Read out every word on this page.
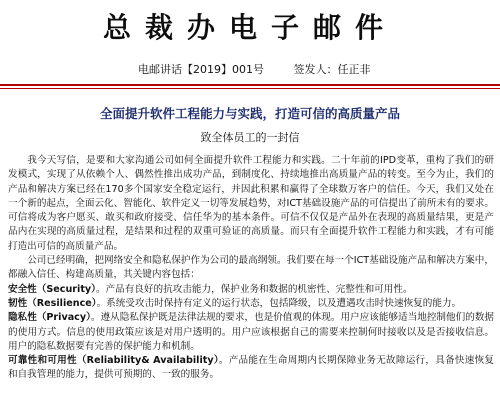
总裁办电子邮件
电邮讲话【2019】001号	签发人：任正非
全面提升软件工程能力与实践，打造可信的高质量产品
致全体员工的一封信

我今天写信，是要和大家沟通公司如何全面提升软件工程能力和实践。二十年前的IPD变革，重构了我们的研发模式，实现了从依赖个人、偶然性推出成功产品，到制度化、持续地推出高质量产品的转变。至今为止，我们的产品和解决方案已经在170多个国家安全稳定运行，并因此积累和赢得了全球数万客户的信任。今天，我们又处在一个新的起点，全面云化、智能化、软件定义一切等发展趋势，对ICT基础设施产品的可信提出了前所未有的要求。可信将成为客户愿买、敢买和政府接受、信任华为的基本条件。可信不仅仅是产品外在表现的高质量结果，更是产品内在实现的高质量过程，是结果和过程的双重可验证的高质量。而只有全面提升软件工程能力和实践，才有可能打造出可信的高质量产品。

公司已经明确，把网络安全和隐私保护作为公司的最高纲领。我们要在每一个ICT基础设施产品和解决方案中，都融入信任、构建高质量，其关键内容包括：

安全性（Security）。产品有良好的抗攻击能力，保护业务和数据的机密性、完整性和可用性。

韧性（Resilience）。系统受攻击时保持有定义的运行状态，包括降级，以及遭遇攻击时快速恢复的能力。

隐私性（Privacy）。遵从隐私保护既是法律法规的要求，也是价值观的体现。用户应该能够适当地控制他们的数据的使用方式。信息的使用政策应该是对用户透明的。用户应该根据自己的需要来控制何时接收以及是否接收信息。用户的隐私数据要有完善的保护能力和机制。

可靠性和可用性（Reliability& Availability）。产品能在生命周期内长期保障业务无故障运行，具备快速恢复和自我管理的能力，提供可预期的、一致的服务。
